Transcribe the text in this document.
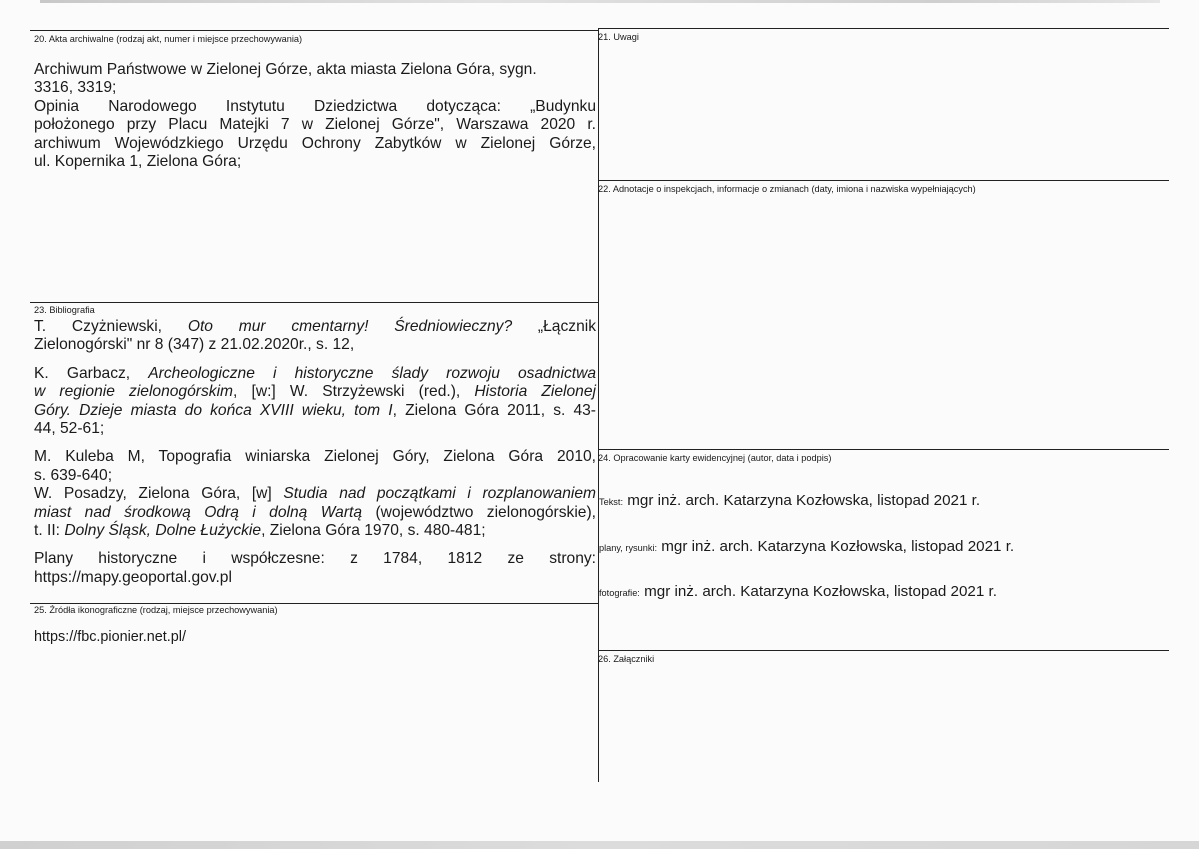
20. Akta archiwalne (rodzaj akt, numer i miejsce przechowywania)
Archiwum Państwowe w Zielonej Górze, akta miasta Zielona Góra, sygn.
3316, 3319;
Opinia Narodowego Instytutu Dziedzictwa dotycząca: „Budynku
położonego przy Placu Matejki 7 w Zielonej Górze", Warszawa 2020 r.
archiwum Wojewódzkiego Urzędu Ochrony Zabytków w Zielonej Górze,
ul. Kopernika 1, Zielona Góra;
21. Uwagi
22. Adnotacje o inspekcjach, informacje o zmianach (daty, imiona i nazwiska wypełniających)
23. Bibliografia
T. Czyżniewski, Oto mur cmentarny! Średniowieczny? „Łącznik
Zielonogórski" nr 8 (347) z 21.02.2020r., s. 12,
K. Garbacz, Archeologiczne i historyczne ślady rozwoju osadnictwa
w regionie zielonogórskim, [w:] W. Strzyżewski (red.), Historia Zielonej
Góry. Dzieje miasta do końca XVIII wieku, tom I, Zielona Góra 2011, s. 43-
44, 52-61;
M. Kuleba M, Topografia winiarska Zielonej Góry, Zielona Góra 2010,
s. 639-640;
W. Posadzy, Zielona Góra, [w] Studia nad początkami i rozplanowaniem
miast nad środkową Odrą i dolną Wartą (województwo zielonogórskie),
t. II: Dolny Śląsk, Dolne Łużyckie, Zielona Góra 1970, s. 480-481;
Plany historyczne i współczesne: z 1784, 1812 ze strony:
https://mapy.geoportal.gov.pl
24. Opracowanie karty ewidencyjnej (autor, data i podpis)
Tekst: mgr inż. arch. Katarzyna Kozłowska, listopad 2021 r.
plany, rysunki: mgr inż. arch. Katarzyna Kozłowska, listopad 2021 r.
fotografie: mgr inż. arch. Katarzyna Kozłowska, listopad 2021 r.
25. Źródła ikonograficzne (rodzaj, miejsce przechowywania)
https://fbc.pionier.net.pl/
26. Załączniki
